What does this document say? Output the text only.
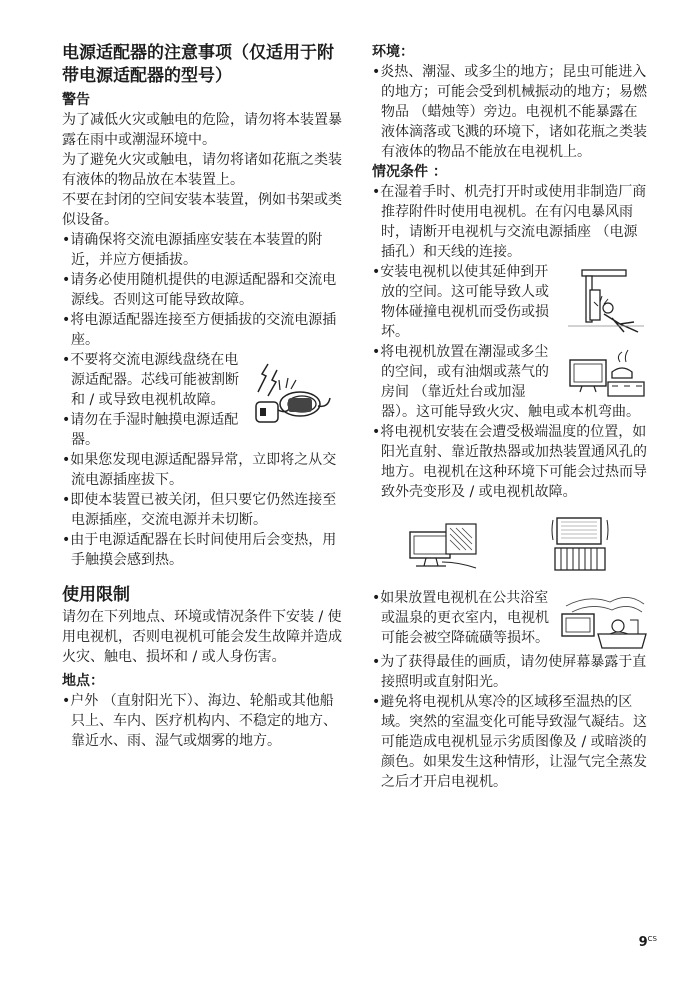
电源适配器的注意事项（仅适用于附带电源适配器的型号）
警告
为了减低火灾或触电的危险，请勿将本装置暴露在雨中或潮湿环境中。
为了避免火灾或触电，请勿将诸如花瓶之类装有液体的物品放在本装置上。
不要在封闭的空间安装本装置，例如书架或类似设备。
•请确保将交流电源插座安装在本装置的附近，并应方便插拔。
•请务必使用随机提供的电源适配器和交流电源线。否则这可能导致故障。
•将电源适配器连接至方便插拔的交流电源插座。
•不要将交流电源线盘绕在电源适配器。芯线可能被割断和 / 或导致电视机故障。
•请勿在手湿时触摸电源适配器。
•如果您发现电源适配器异常，立即将之从交流电源插座拔下。
•即使本装置已被关闭，但只要它仍然连接至电源插座，交流电源并未切断。
•由于电源适配器在长时间使用后会变热，用手触摸会感到热。
使用限制
请勿在下列地点、环境或情况条件下安装 / 使用电视机，否则电视机可能会发生故障并造成火灾、触电、损坏和 / 或人身伤害。
地点：
•户外 （直射阳光下）、海边、轮船或其他船只上、车内、医疗机构内、不稳定的地方、靠近水、雨、湿气或烟雾的地方。
环境：
•炎热、潮湿、或多尘的地方；昆虫可能进入的地方；可能会受到机械振动的地方；易燃物品 （蜡烛等）旁边。电视机不能暴露在液体滴落或飞溅的环境下，诸如花瓶之类装有液体的物品不能放在电视机上。
情况条件 ：
•在湿着手时、机壳打开时或使用非制造厂商推荐附件时使用电视机。在有闪电暴风雨时，请断开电视机与交流电源插座 （电源插孔）和天线的连接。
•安装电视机以使其延伸到开放的空间。这可能导致人或物体碰撞电视机而受伤或损坏。
•将电视机放置在潮湿或多尘的空间，或有油烟或蒸气的房间 （靠近灶台或加湿器）。这可能导致火灾、触电或本机弯曲。
•将电视机安装在会遭受极端温度的位置，如阳光直射、靠近散热器或加热装置通风孔的地方。电视机在这种环境下可能会过热而导致外壳变形及 / 或电视机故障。
•如果放置电视机在公共浴室或温泉的更衣室内，电视机可能会被空降硫磺等损坏。
•为了获得最佳的画质，请勿使屏幕暴露于直接照明或直射阳光。
•避免将电视机从寒冷的区域移至温热的区域。突然的室温变化可能导致湿气凝结。这可能造成电视机显示劣质图像及 / 或暗淡的颜色。如果发生这种情形，让湿气完全蒸发之后才开启电视机。
$9^{CS}$
